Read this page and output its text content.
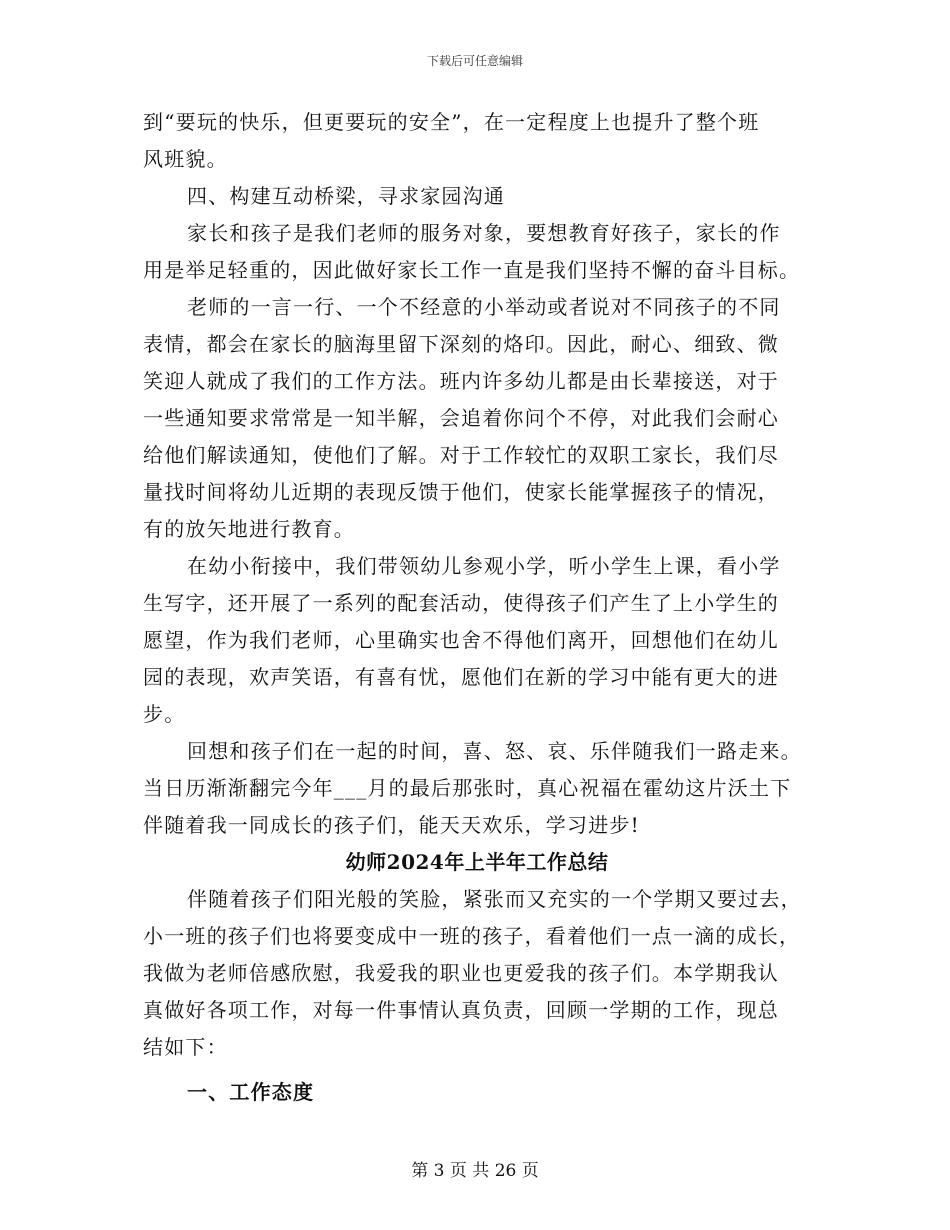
下载后可任意编辑
到“要玩的快乐，但更要玩的安全”，在一定程度上也提升了整个班
风班貌。
四、构建互动桥梁，寻求家园沟通
家长和孩子是我们老师的服务对象，要想教育好孩子，家长的作
用是举足轻重的，因此做好家长工作一直是我们坚持不懈的奋斗目标。
老师的一言一行、一个不经意的小举动或者说对不同孩子的不同
表情，都会在家长的脑海里留下深刻的烙印。因此，耐心、细致、微
笑迎人就成了我们的工作方法。班内许多幼儿都是由长辈接送，对于
一些通知要求常常是一知半解，会追着你问个不停，对此我们会耐心
给他们解读通知，使他们了解。对于工作较忙的双职工家长，我们尽
量找时间将幼儿近期的表现反馈于他们，使家长能掌握孩子的情况，
有的放矢地进行教育。
在幼小衔接中，我们带领幼儿参观小学，听小学生上课，看小学
生写字，还开展了一系列的配套活动，使得孩子们产生了上小学生的
愿望，作为我们老师，心里确实也舍不得他们离开，回想他们在幼儿
园的表现，欢声笑语，有喜有忧，愿他们在新的学习中能有更大的进
步。
回想和孩子们在一起的时间，喜、怒、哀、乐伴随我们一路走来。
当日历渐渐翻完今年___月的最后那张时，真心祝福在霍幼这片沃土下
伴随着我一同成长的孩子们，能天天欢乐，学习进步!
幼师2024年上半年工作总结
伴随着孩子们阳光般的笑脸，紧张而又充实的一个学期又要过去，
小一班的孩子们也将要变成中一班的孩子，看着他们一点一滴的成长，
我做为老师倍感欣慰，我爱我的职业也更爱我的孩子们。本学期我认
真做好各项工作，对每一件事情认真负责，回顾一学期的工作，现总
结如下：
一、工作态度
第 3 页 共 26 页
